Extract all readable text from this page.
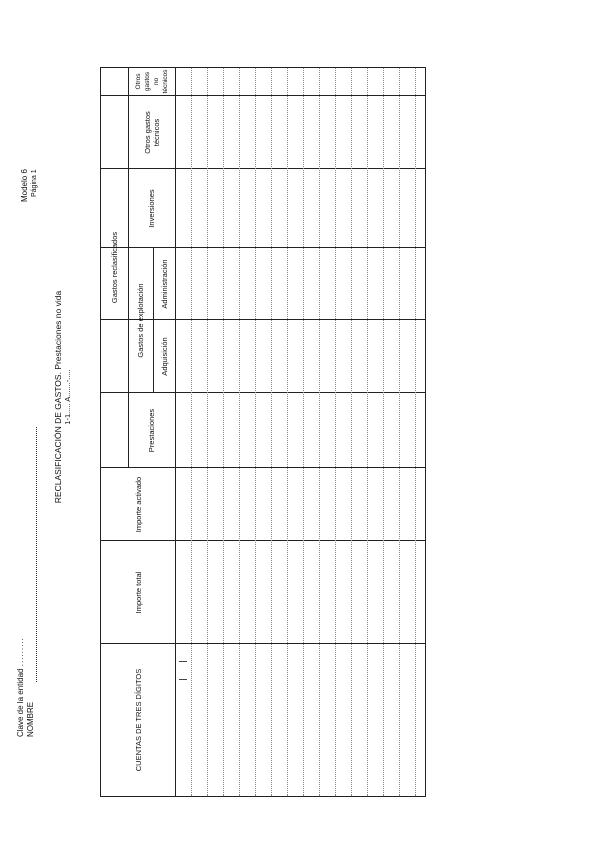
Clave de la entidad .........
NOMBRE
Modelo 6 Página 1
RECLASIFICACIÓN DE GASTOS. Prestaciones no vida 1-1..... A.......-.....
CUENTAS DE TRES DÍGITOS
Importe total
Importe activado
Gastos reclasificados
Prestaciones
Gastos de explotación	Adquisición
Administración
Inversiones
Otros gastos técnicos
Otros gastos no técnicos
